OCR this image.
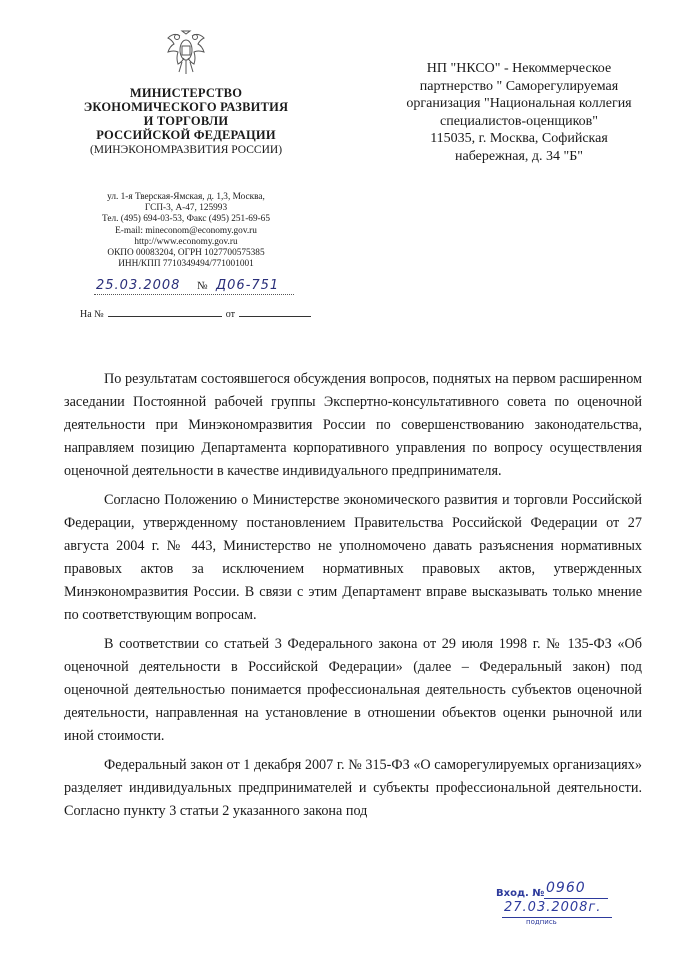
МИНИСТЕРСТВО
ЭКОНОМИЧЕСКОГО РАЗВИТИЯ
И ТОРГОВЛИ
РОССИЙСКОЙ ФЕДЕРАЦИИ
(МИНЭКОНОМРАЗВИТИЯ РОССИИ)
ул. 1-я Тверская-Ямская, д. 1,3, Москва,
ГСП-3, А-47, 125993
Тел. (495) 694-03-53, Факс (495) 251-69-65
E-mail: mineconom@economy.gov.ru
http://www.economy.gov.ru
ОКПО 00083204, ОГРН 1027700575385
ИНН/КПП 7710349494/771001001
25.03.2008 № Д06-751
На №	от
НП "НКСО" - Некоммерческое
партнерство " Саморегулируемая
организация "Национальная коллегия
специалистов-оценщиков"
115035, г. Москва, Софийская
набережная, д. 34 "Б"

По результатам состоявшегося обсуждения вопросов, поднятых на первом расширенном заседании Постоянной рабочей группы Экспертно-консультативного совета по оценочной деятельности при Минэкономразвития России по совершенствованию законодательства, направляем позицию Департамента корпоративного управления по вопросу осуществления оценочной деятельности в качестве индивидуального предпринимателя.

Согласно Положению о Министерстве экономического развития и торговли Российской Федерации, утвержденному постановлением Правительства Российской Федерации от 27 августа 2004 г. № 443, Министерство не уполномочено давать разъяснения нормативных правовых актов за исключением нормативных правовых актов, утвержденных Минэкономразвития России. В связи с этим Департамент вправе высказывать только мнение по соответствующим вопросам.

В соответствии со статьей 3 Федерального закона от 29 июля 1998 г. № 135-ФЗ «Об оценочной деятельности в Российской Федерации» (далее – Федеральный закон) под оценочной деятельностью понимается профессиональная деятельность субъектов оценочной деятельности, направленная на установление в отношении объектов оценки рыночной или иной стоимости.

Федеральный закон от 1 декабря 2007 г. № 315-ФЗ «О саморегулируемых организациях» разделяет индивидуальных предпринимателей и субъекты профессиональной деятельности. Согласно пункту 3 статьи 2 указанного закона под

Вход. № 0960
27.03.2008г.
подпись
